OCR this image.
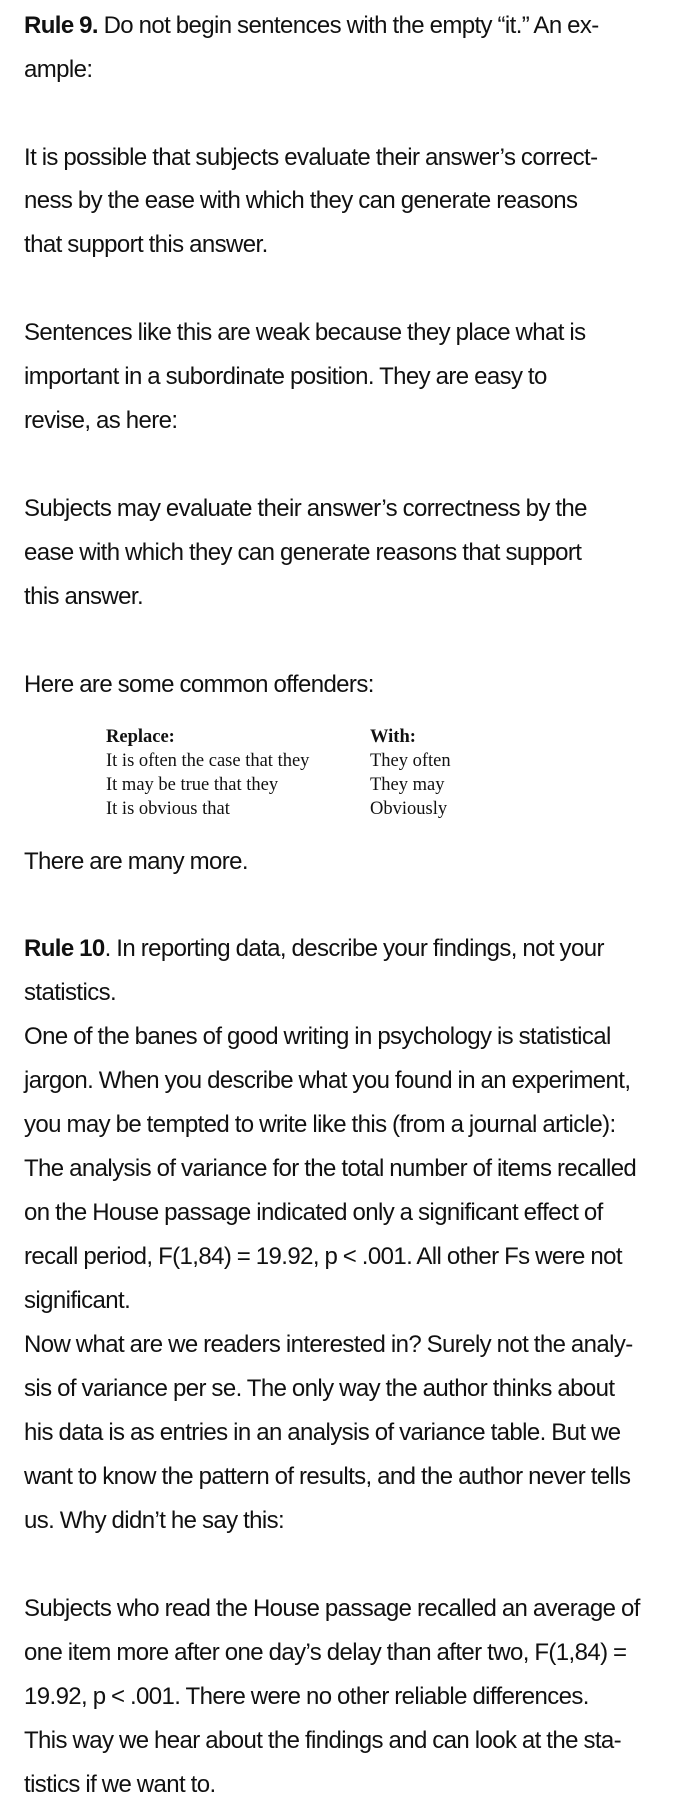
Rule 9. Do not begin sentences with the empty “it.” An ex-
ample:
It is possible that subjects evaluate their answer’s correct-
ness by the ease with which they can generate reasons
that support this answer.
Sentences like this are weak because they place what is
important in a subordinate position. They are easy to
revise, as here:
Subjects may evaluate their answer’s correctness by the
ease with which they can generate reasons that support
this answer.
Here are some common offenders:
Replace:	With:
It is often the case that they	They often
It may be true that they	They may
It is obvious that	Obviously
There are many more.
Rule 10. In reporting data, describe your findings, not your
statistics.
One of the banes of good writing in psychology is statistical
jargon. When you describe what you found in an experiment,
you may be tempted to write like this (from a journal article):
The analysis of variance for the total number of items recalled
on the House passage indicated only a significant effect of
recall period, F(1,84) = 19.92, p < .001. All other Fs were not
significant.
Now what are we readers interested in? Surely not the analy-
sis of variance per se. The only way the author thinks about
his data is as entries in an analysis of variance table. But we
want to know the pattern of results, and the author never tells
us. Why didn’t he say this:
Subjects who read the House passage recalled an average of
one item more after one day’s delay than after two, F(1,84) =
19.92, p < .001. There were no other reliable differences.
This way we hear about the findings and can look at the sta-
tistics if we want to.
